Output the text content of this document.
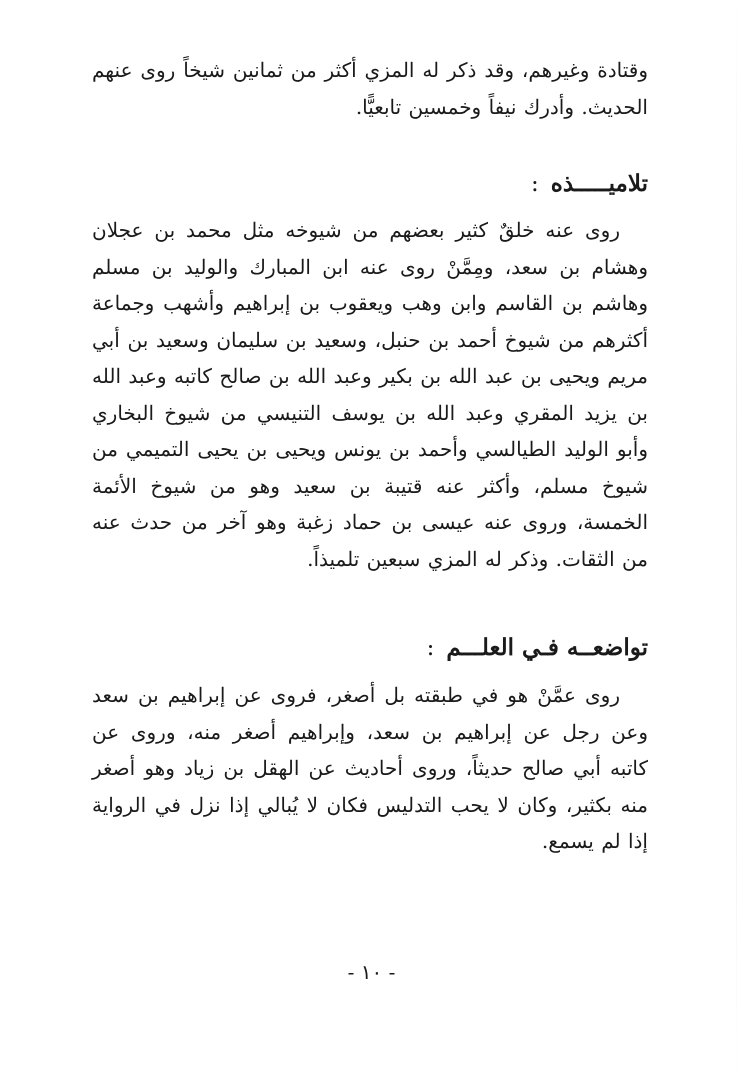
وقتادة وغيرهم، وقد ذكر له المزي أكثر من ثمانين شيخاً روى عنهم الحديث. وأدرك نيفاً وخمسين تابعيًّا.

تلاميـــــذه:

روى عنه خلقٌ كثير بعضهم من شيوخه مثل محمد بن عجلان وهشام بن سعد، ومِمَّنْ روى عنه ابن المبارك والوليد بن مسلم وهاشم بن القاسم وابن وهب ويعقوب بن إبراهيم وأشهب وجماعة أكثرهم من شيوخ أحمد بن حنبل، وسعيد بن سليمان وسعيد بن أبي مريم ويحيى بن عبد الله بن بكير وعبد الله بن صالح كاتبه وعبد الله بن يزيد المقري وعبد الله بن يوسف التنيسي من شيوخ البخاري وأبو الوليد الطيالسي وأحمد بن يونس ويحيى بن يحيى التميمي من شيوخ مسلم، وأكثر عنه قتيبة بن سعيد وهو من شيوخ الأئمة الخمسة، وروى عنه عيسى بن حماد زغبة وهو آخر من حدث عنه من الثقات. وذكر له المزي سبعين تلميذاً.

تواضعــه فـي العلـــم:

روى عمَّنْ هو في طبقته بل أصغر، فروى عن إبراهيم بن سعد وعن رجل عن إبراهيم بن سعد، وإبراهيم أصغر منه، وروى عن كاتبه أبي صالح حديثاً، وروى أحاديث عن الهقل بن زياد وهو أصغر منه بكثير، وكان لا يحب التدليس فكان لا يُبالي إذا نزل في الرواية إذا لم يسمع.

- ١٠ -
